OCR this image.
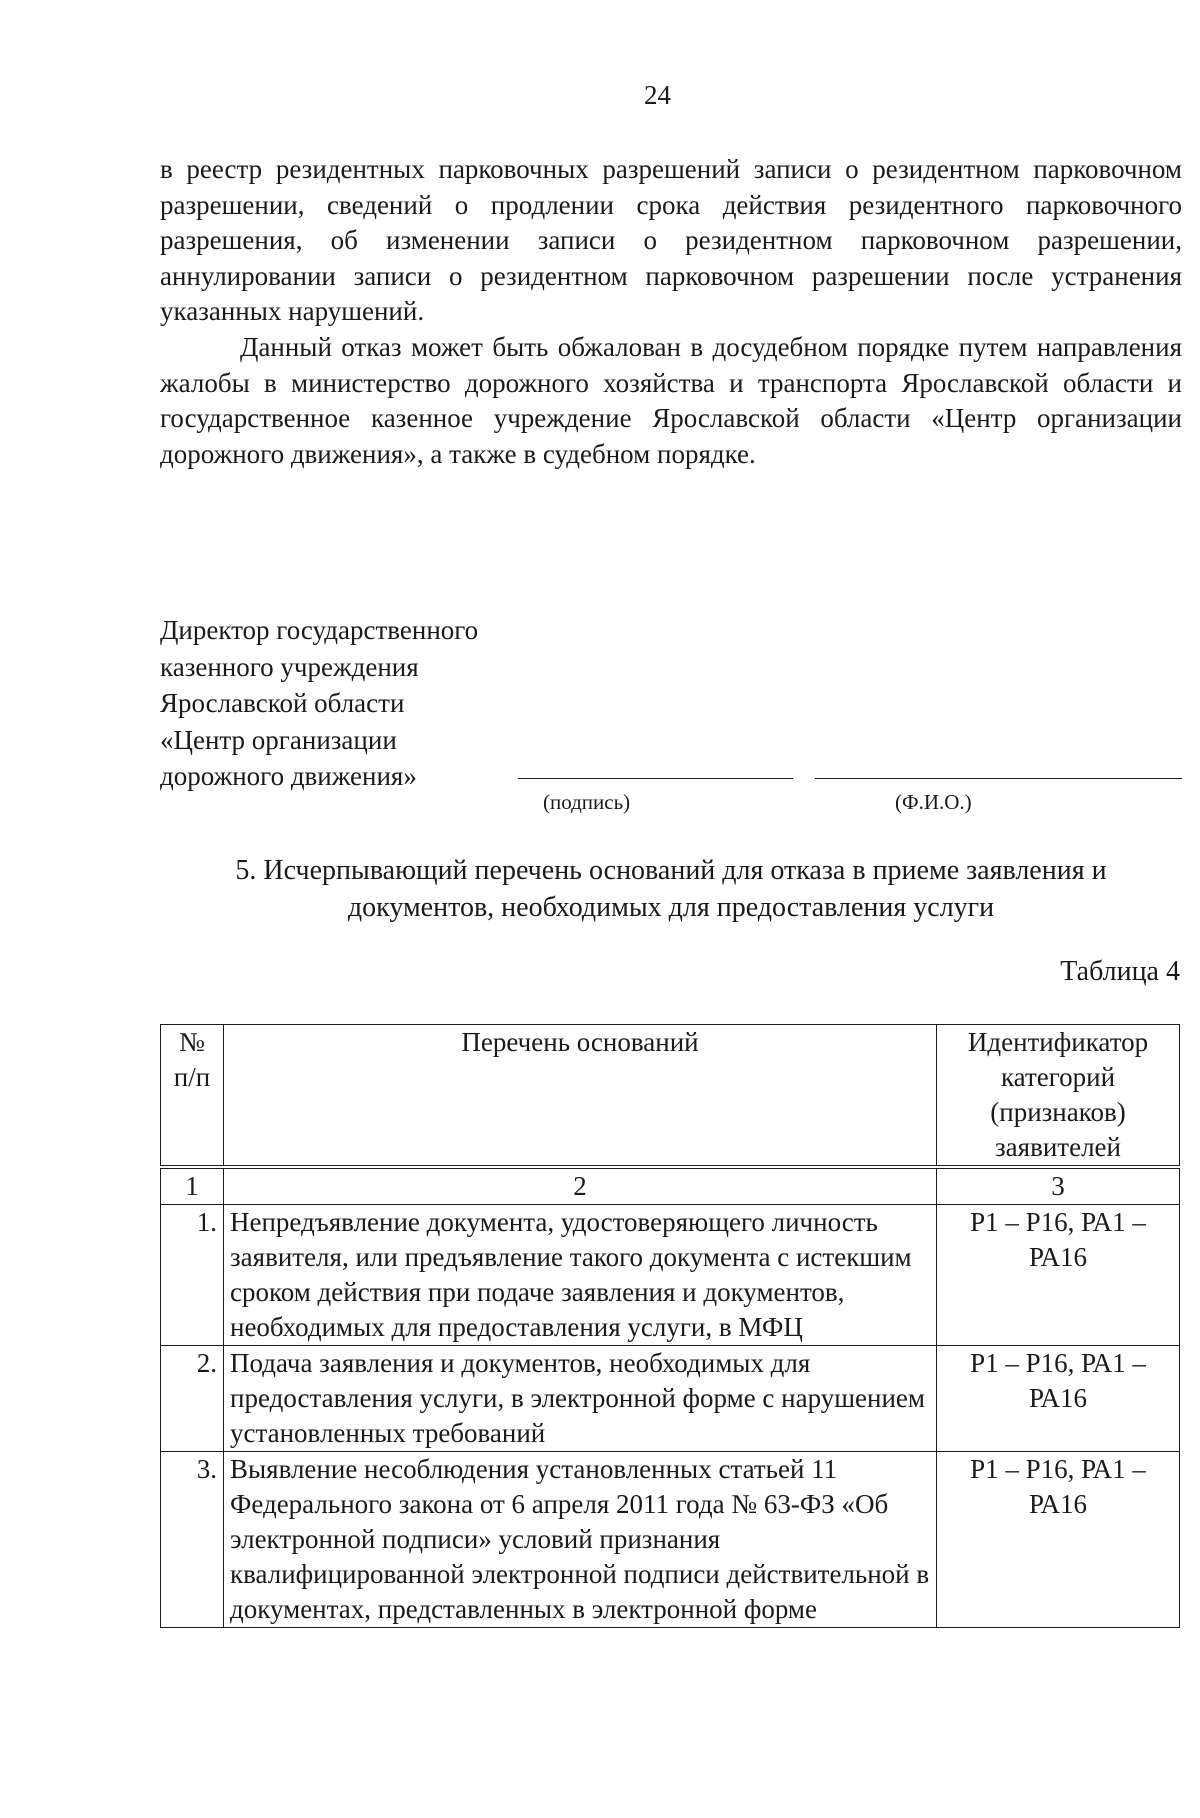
24
в реестр резидентных парковочных разрешений записи о резидентном парковочном разрешении, сведений о продлении срока действия резидентного парковочного разрешения, об изменении записи о резидентном парковочном разрешении, аннулировании записи о резидентном парковочном разрешении после устранения указанных нарушений.
Данный отказ может быть обжалован в досудебном порядке путем направления жалобы в министерство дорожного хозяйства и транспорта Ярославской области и государственное казенное учреждение Ярославской области «Центр организации дорожного движения», а также в судебном порядке.
Директор государственного
казенного учреждения
Ярославской области
«Центр организации
дорожного движения»
(подпись)	(Ф.И.О.)
5. Исчерпывающий перечень оснований для отказа в приеме заявления и
документов, необходимых для предоставления услуги
Таблица 4
№ п/п	Перечень оснований	Идентификатор категорий (признаков) заявителей
1	2	3
1.	Непредъявление документа, удостоверяющего личность заявителя, или предъявление такого документа с истекшим сроком действия при подаче заявления и документов, необходимых для предоставления услуги, в МФЦ	Р1 – Р16, РА1 – РА16
2.	Подача заявления и документов, необходимых для предоставления услуги, в электронной форме с нарушением установленных требований	Р1 – Р16, РА1 – РА16
3.	Выявление несоблюдения установленных статьей 11 Федерального закона от 6 апреля 2011 года № 63-ФЗ «Об электронной подписи» условий признания квалифицированной электронной подписи действительной в документах, представленных в электронной форме	Р1 – Р16, РА1 – РА16
